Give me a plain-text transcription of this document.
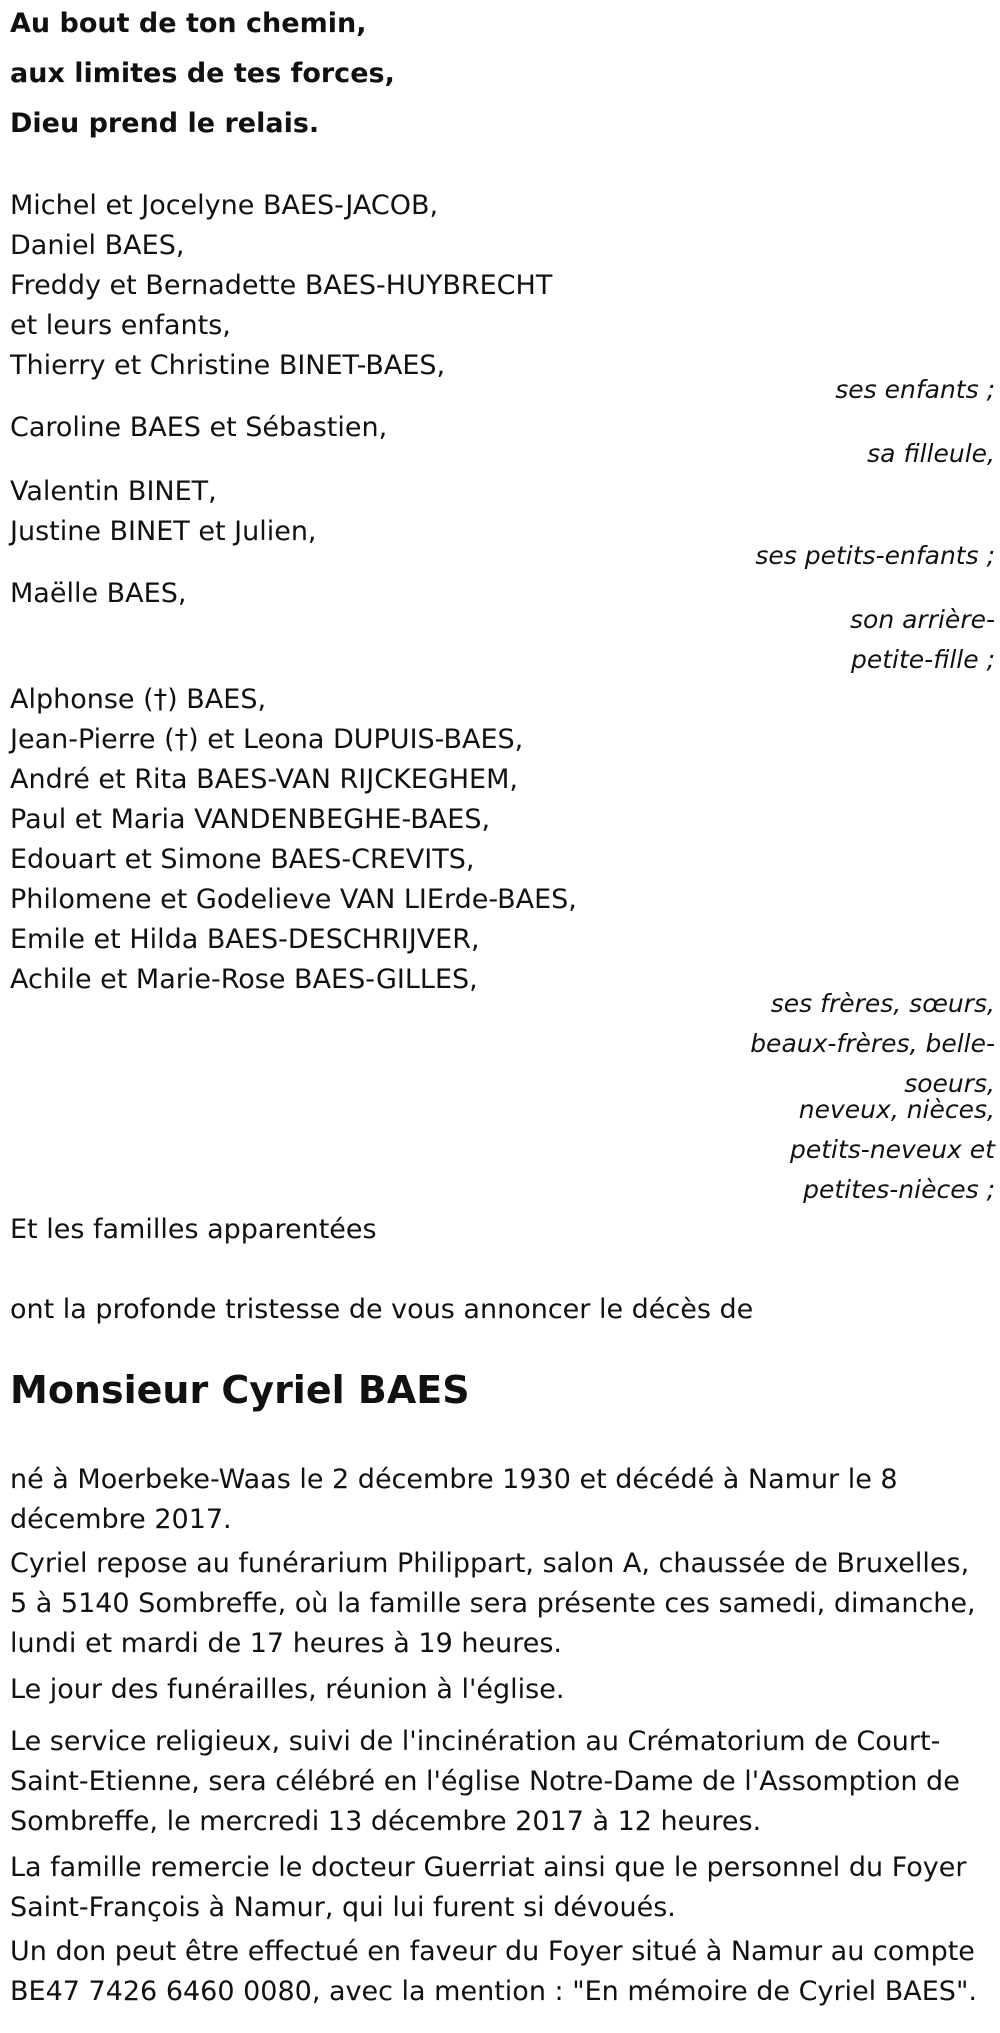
Au bout de ton chemin,
aux limites de tes forces,
Dieu prend le relais.
Michel et Jocelyne BAES-JACOB,
Daniel BAES,
Freddy et Bernadette BAES-HUYBRECHT
et leurs enfants,
Thierry et Christine BINET-BAES,
ses enfants ;
Caroline BAES et Sébastien,
sa filleule,
Valentin BINET,
Justine BINET et Julien,
ses petits-enfants ;
Maëlle BAES,
son arrière-
petite-fille ;
Alphonse (†) BAES,
Jean-Pierre (†) et Leona DUPUIS-BAES,
André et Rita BAES-VAN RIJCKEGHEM,
Paul et Maria VANDENBEGHE-BAES,
Edouart et Simone BAES-CREVITS,
Philomene et Godelieve VAN LIErde-BAES,
Emile et Hilda BAES-DESCHRIJVER,
Achile et Marie-Rose BAES-GILLES,
ses frères, sœurs,
beaux-frères, belle-
soeurs,
neveux, nièces,
petits-neveux et
petites-nièces ;
Et les familles apparentées
ont la profonde tristesse de vous annoncer le décès de
Monsieur Cyriel BAES

né à Moerbeke-Waas le 2 décembre 1930 et décédé à Namur le 8 décembre 2017.

Cyriel repose au funérarium Philippart, salon A, chaussée de Bruxelles, 5 à 5140 Sombreffe, où la famille sera présente ces samedi, dimanche, lundi et mardi de 17 heures à 19 heures.

Le jour des funérailles, réunion à l'église.

Le service religieux, suivi de l'incinération au Crématorium de Court-Saint-Etienne, sera célébré en l'église Notre-Dame de l'Assomption de Sombreffe, le mercredi 13 décembre 2017 à 12 heures.

La famille remercie le docteur Guerriat ainsi que le personnel du Foyer Saint-François à Namur, qui lui furent si dévoués.

Un don peut être effectué en faveur du Foyer situé à Namur au compte BE47 7426 6460 0080, avec la mention : "En mémoire de Cyriel BAES".
